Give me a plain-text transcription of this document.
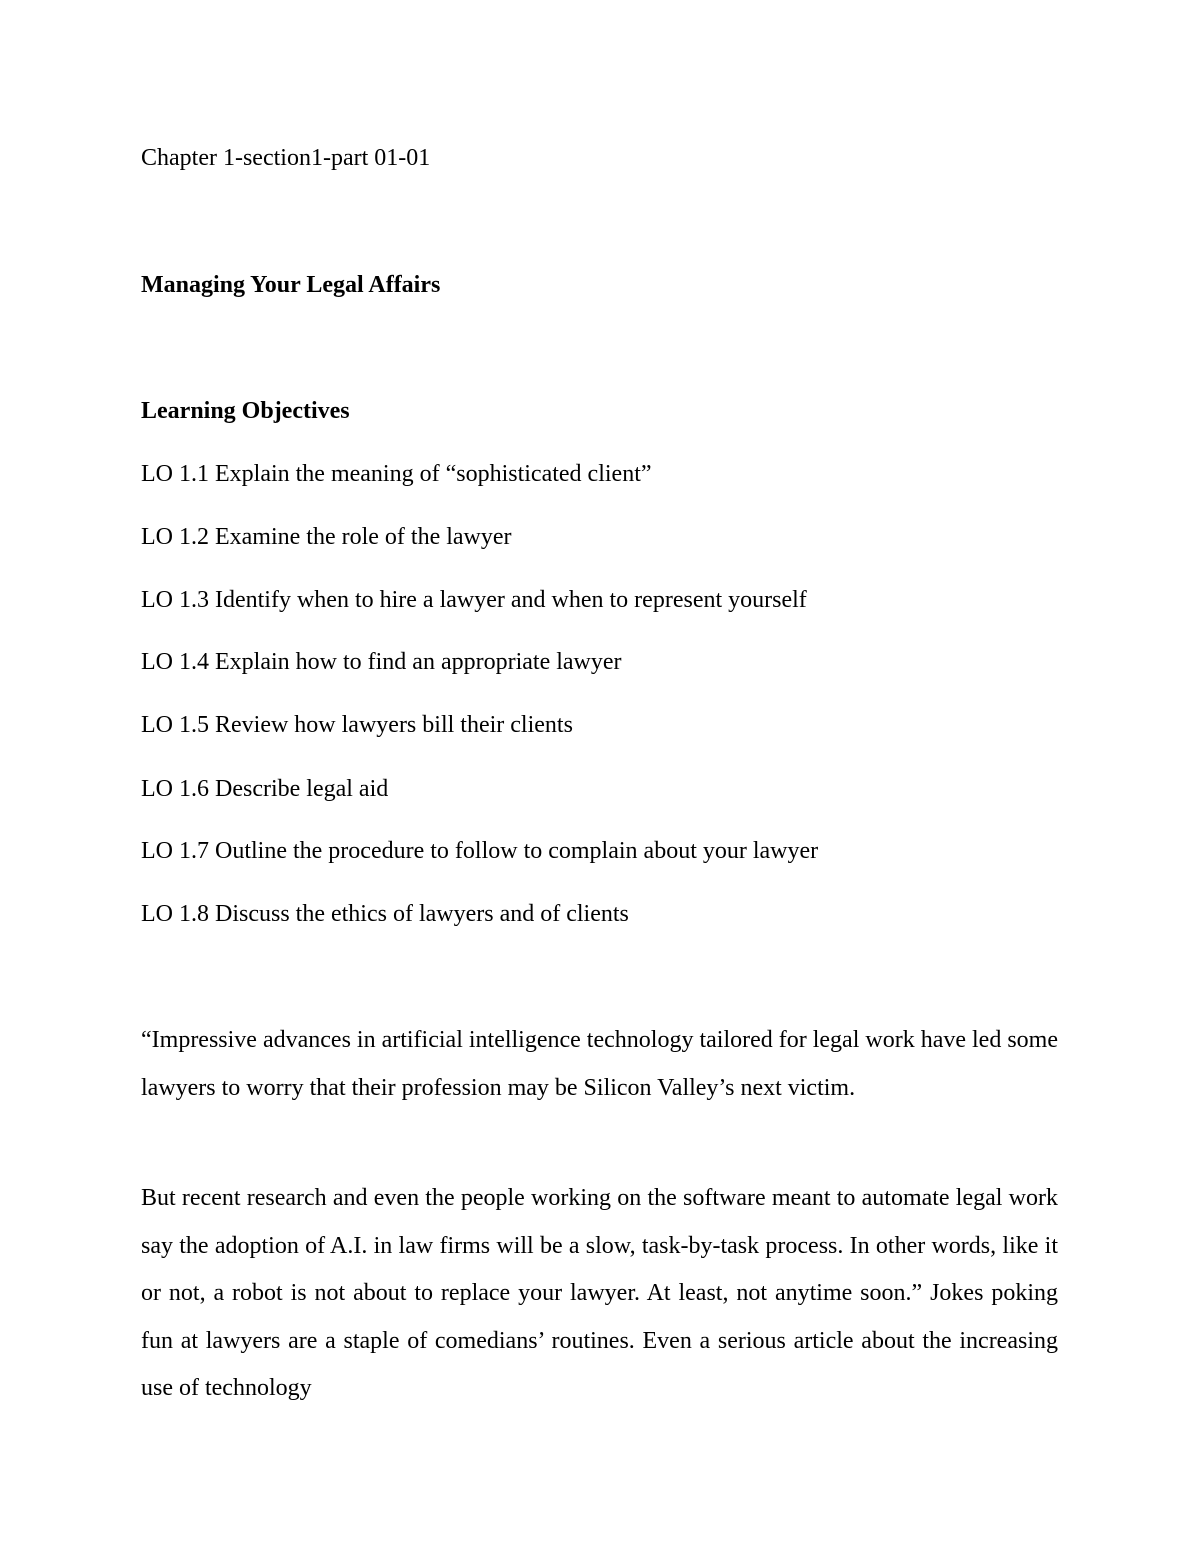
Chapter 1-section1-part 01-01
Managing Your Legal Affairs
Learning Objectives
LO 1.1 Explain the meaning of “sophisticated client”
LO 1.2 Examine the role of the lawyer
LO 1.3 Identify when to hire a lawyer and when to represent yourself
LO 1.4 Explain how to find an appropriate lawyer
LO 1.5 Review how lawyers bill their clients
LO 1.6 Describe legal aid
LO 1.7 Outline the procedure to follow to complain about your lawyer
LO 1.8 Discuss the ethics of lawyers and of clients

“Impressive advances in artificial intelligence technology tailored for legal work have led some lawyers to worry that their profession may be Silicon Valley’s next victim.

But recent research and even the people working on the software meant to automate legal work say the adoption of A.I. in law firms will be a slow, task-by-task process. In other words, like it or not, a robot is not about to replace your lawyer. At least, not anytime soon.” Jokes poking fun at lawyers are a staple of comedians’ routines. Even a serious article about the increasing use of technology
